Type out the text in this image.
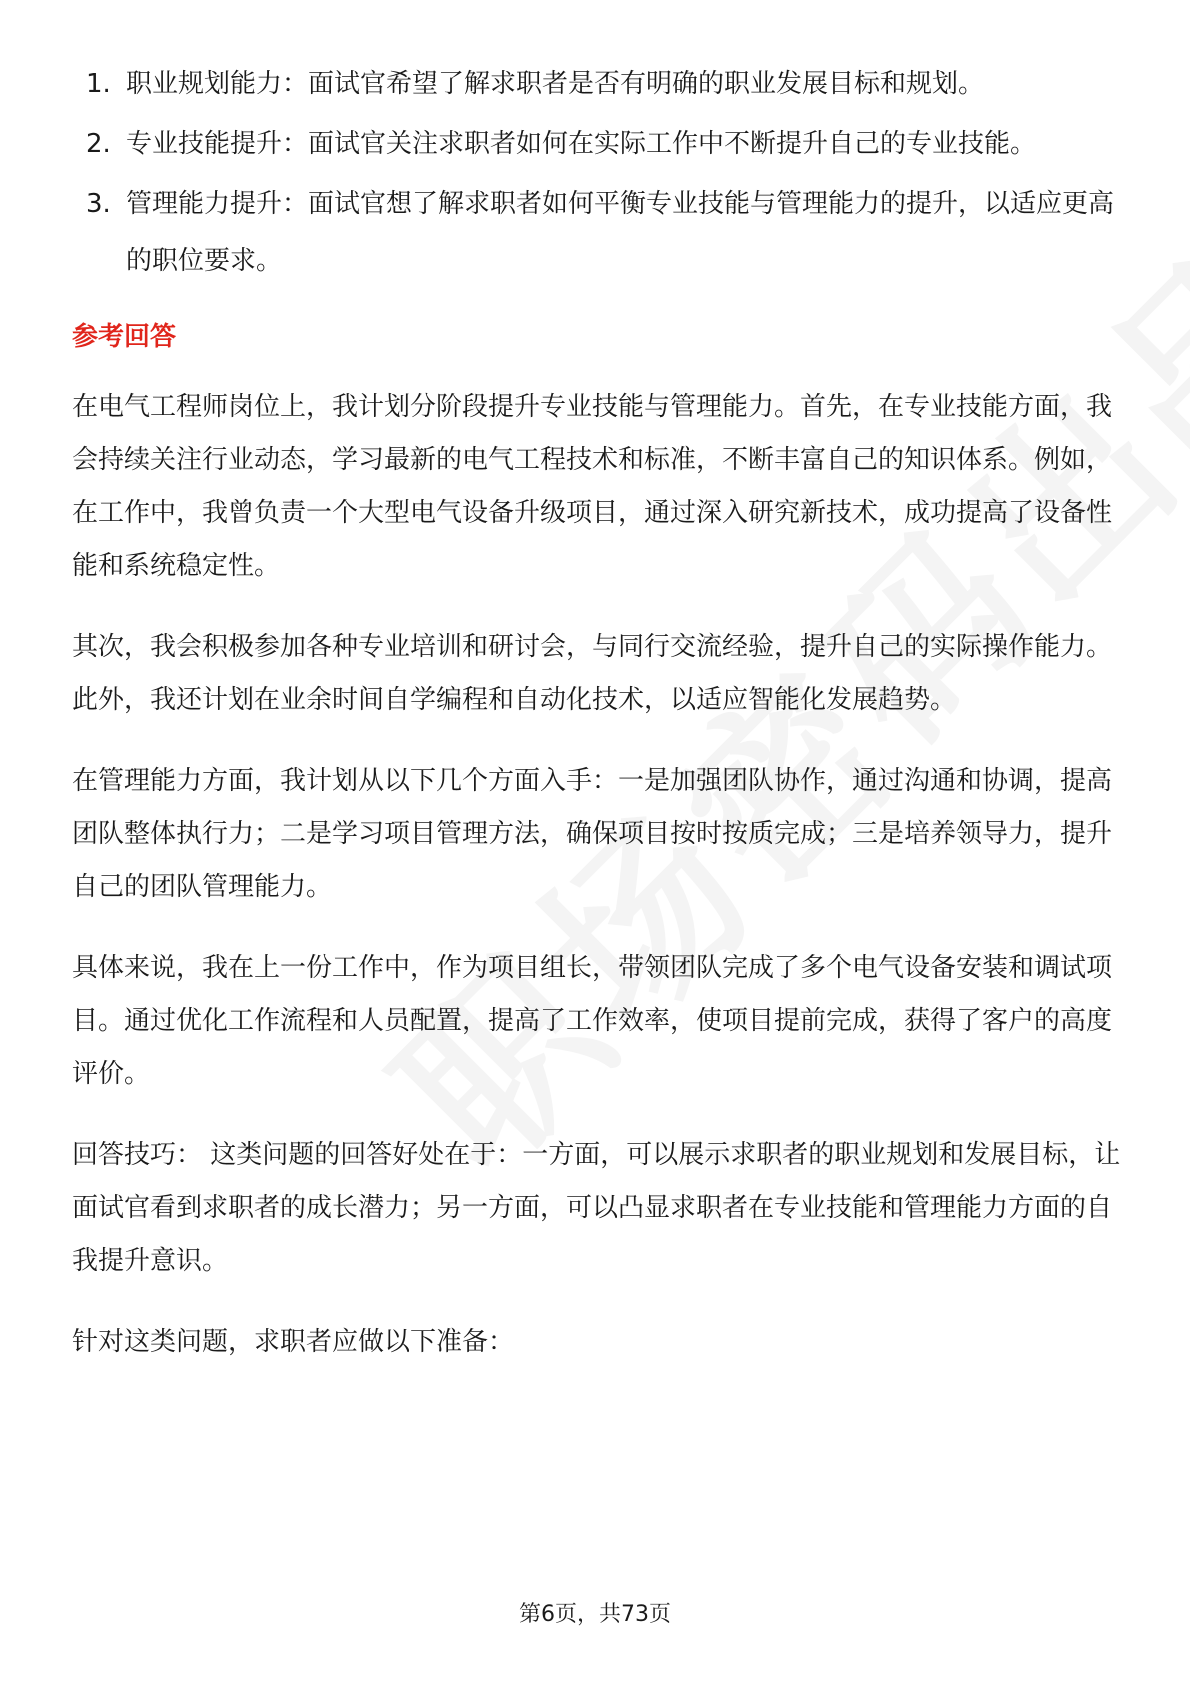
1. 职业规划能力：面试官希望了解求职者是否有明确的职业发展目标和规划。
2. 专业技能提升：面试官关注求职者如何在实际工作中不断提升自己的专业技能。
3. 管理能力提升：面试官想了解求职者如何平衡专业技能与管理能力的提升，以适应更高的职位要求。
参考回答

在电气工程师岗位上，我计划分阶段提升专业技能与管理能力。首先，在专业技能方面，我会持续关注行业动态，学习最新的电气工程技术和标准，不断丰富自己的知识体系。例如，在工作中，我曾负责一个大型电气设备升级项目，通过深入研究新技术，成功提高了设备性能和系统稳定性。

其次，我会积极参加各种专业培训和研讨会，与同行交流经验，提升自己的实际操作能力。此外，我还计划在业余时间自学编程和自动化技术，以适应智能化发展趋势。

在管理能力方面，我计划从以下几个方面入手：一是加强团队协作，通过沟通和协调，提高团队整体执行力；二是学习项目管理方法，确保项目按时按质完成；三是培养领导力，提升自己的团队管理能力。

具体来说，我在上一份工作中，作为项目组长，带领团队完成了多个电气设备安装和调试项目。通过优化工作流程和人员配置，提高了工作效率，使项目提前完成，获得了客户的高度评价。

回答技巧： 这类问题的回答好处在于：一方面，可以展示求职者的职业规划和发展目标，让面试官看到求职者的成长潜力；另一方面，可以凸显求职者在专业技能和管理能力方面的自我提升意识。

针对这类问题，求职者应做以下准备：

第6页，共73页
